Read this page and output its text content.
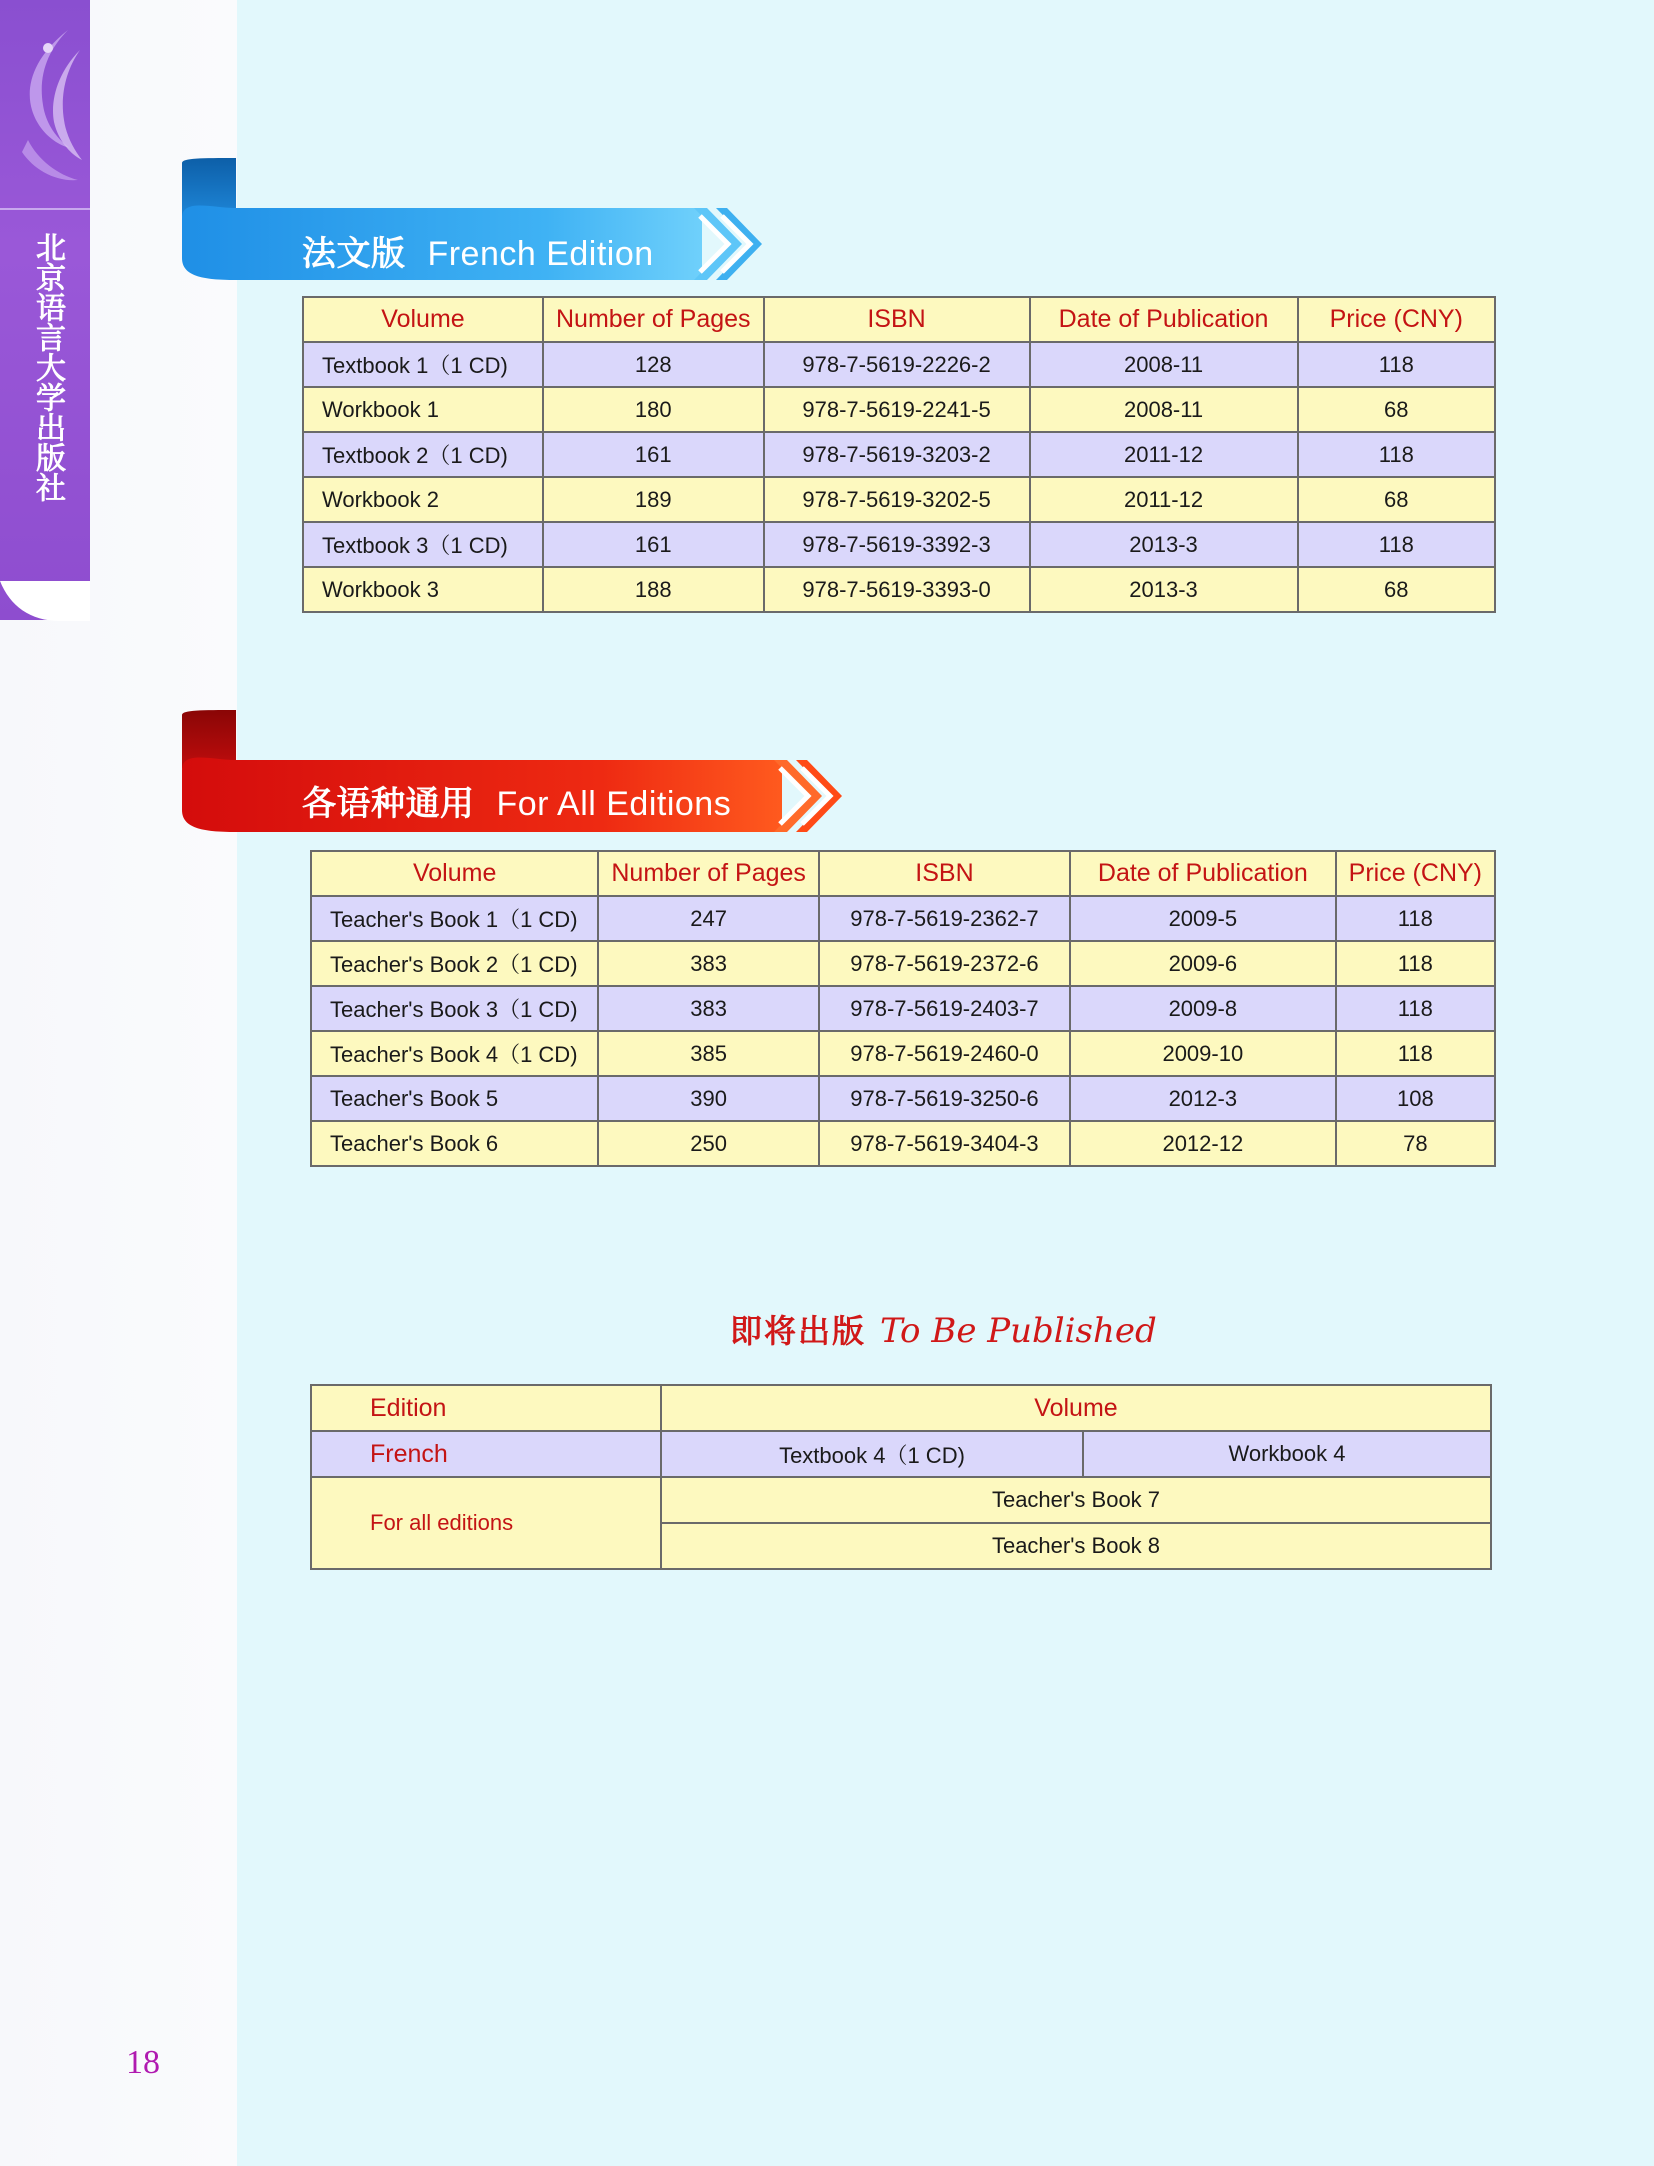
北京语言大学出版社	法文版 French Edition
Volume	Number of Pages	ISBN	Date of Publication	Price (CNY)
Textbook 1（1 CD)	128	978-7-5619-2226-2	2008-11	118
Workbook 1	180	978-7-5619-2241-5	2008-11	68
Textbook 2（1 CD)	161	978-7-5619-3203-2	2011-12	118
Workbook 2	189	978-7-5619-3202-5	2011-12	68
Textbook 3（1 CD)	161	978-7-5619-3392-3	2013-3	118
Workbook 3	188	978-7-5619-3393-0	2013-3	68
各语种通用 For All Editions
Volume	Number of Pages	ISBN	Date of Publication	Price (CNY)
Teacher's Book 1（1 CD)	247	978-7-5619-2362-7	2009-5	118
Teacher's Book 2（1 CD)	383	978-7-5619-2372-6	2009-6	118
Teacher's Book 3（1 CD)	383	978-7-5619-2403-7	2009-8	118
Teacher's Book 4（1 CD)	385	978-7-5619-2460-0	2009-10	118
Teacher's Book 5	390	978-7-5619-3250-6	2012-3	108
Teacher's Book 6	250	978-7-5619-3404-3	2012-12	78
即将出版 To Be Published
Edition	Volume	
French	Textbook 4（1 CD)	Workbook 4
For all editions	Teacher's Book 7	
	Teacher's Book 8	
18
